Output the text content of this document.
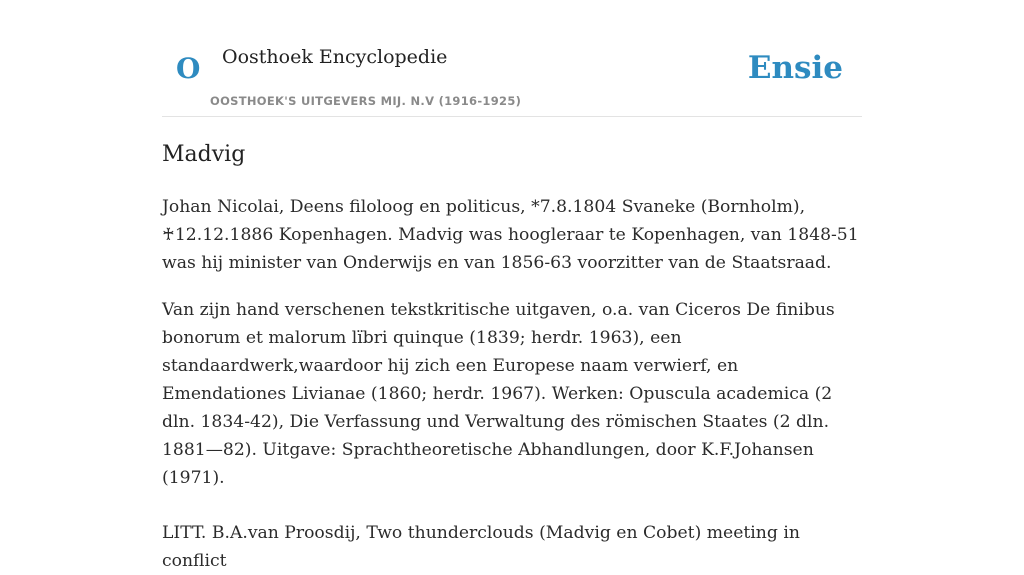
O Oosthoek Encyclopedie
OOSTHOEK'S UITGEVERS MIJ. N.V (1916-1925)
Ensie
Madvig

Johan Nicolai, Deens filoloog en politicus, *7.8.1804 Svaneke (Bornholm), ♰12.12.1886 Kopenhagen. Madvig was hoogleraar te Kopenhagen, van 1848-51 was hij minister van Onderwijs en van 1856-63 voorzitter van de Staatsraad.

Van zijn hand verschenen tekstkritische uitgaven, o.a. van Ciceros De finibus bonorum et malorum lïbri quinque (1839; herdr. 1963), een standaardwerk,waardoor hij zich een Europese naam verwierf, en Emendationes Livianae (1860; herdr. 1967). Werken: Opuscula academica (2 dln. 1834-42), Die Verfassung und Verwaltung des römischen Staates (2 dln. 1881—82). Uitgave: Sprachtheoretische Abhandlungen, door K.F.Johansen (1971).

LITT. B.A.van Proosdij, Two thunderclouds (Madvig en Cobet) meeting in conflict
